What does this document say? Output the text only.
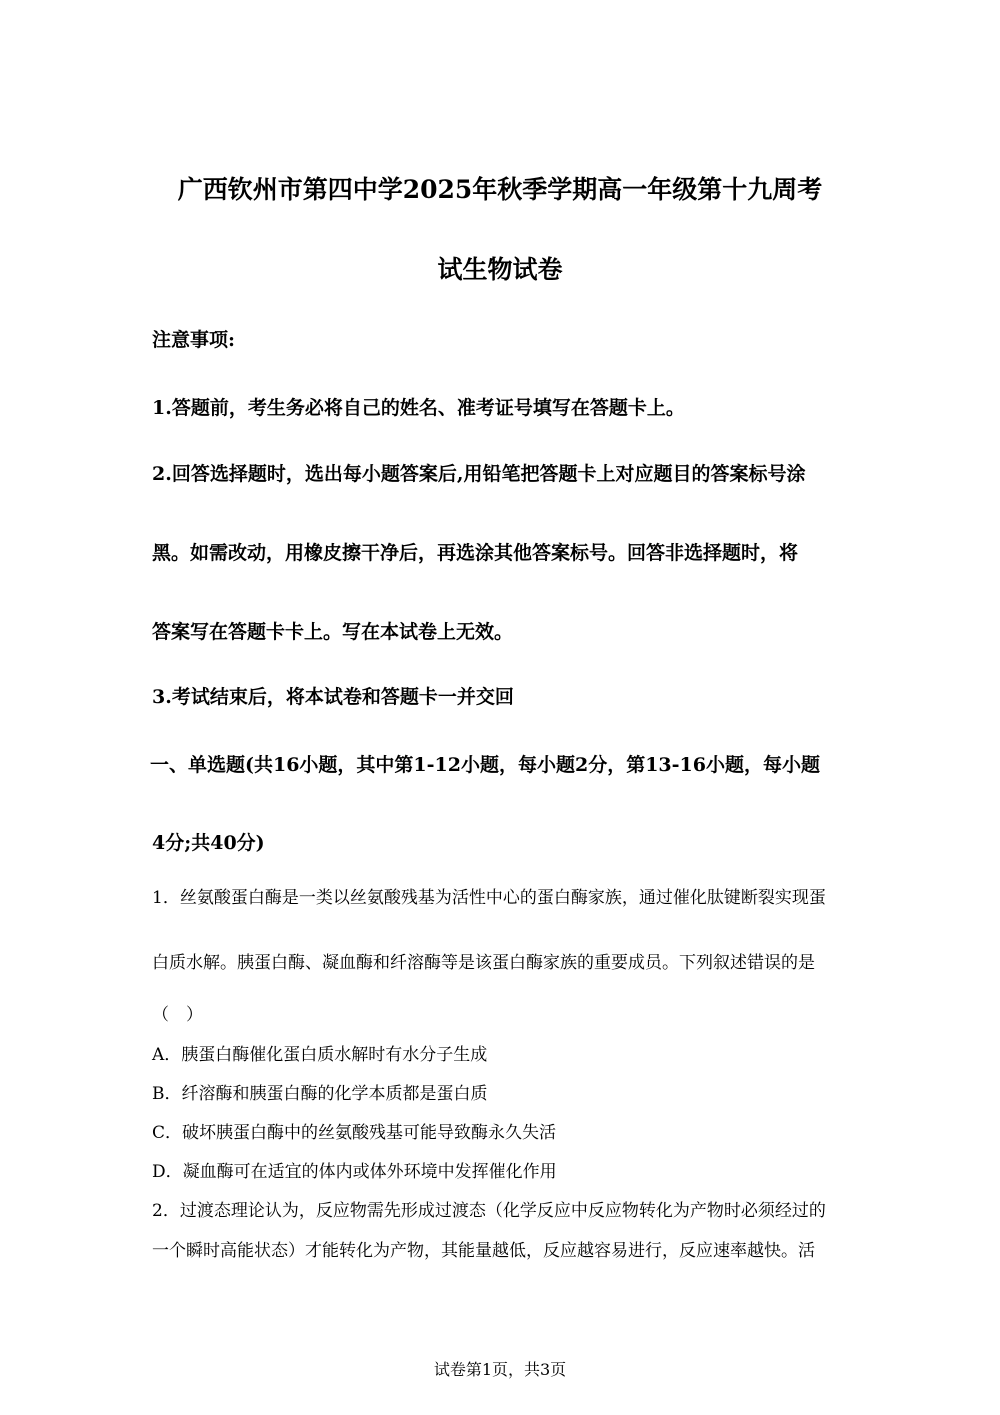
广西钦州市第四中学2025年秋季学期高一年级第十九周考
试生物试卷
注意事项:
1.答题前，考生务必将自己的姓名、准考证号填写在答题卡上。
2.回答选择题时，选出每小题答案后,用铅笔把答题卡上对应题目的答案标号涂
黑。如需改动，用橡皮擦干净后，再选涂其他答案标号。回答非选择题时，将
答案写在答题卡卡上。写在本试卷上无效。
3.考试结束后，将本试卷和答题卡一并交回
一、单选题(共16小题，其中第1-12小题，每小题2分，第13-16小题，每小题
4分;共40分)
1．丝氨酸蛋白酶是一类以丝氨酸残基为活性中心的蛋白酶家族，通过催化肽键断裂实现蛋
白质水解。胰蛋白酶、凝血酶和纤溶酶等是该蛋白酶家族的重要成员。下列叙述错误的是
（　）
A．胰蛋白酶催化蛋白质水解时有水分子生成
B．纤溶酶和胰蛋白酶的化学本质都是蛋白质
C．破坏胰蛋白酶中的丝氨酸残基可能导致酶永久失活
D．凝血酶可在适宜的体内或体外环境中发挥催化作用
2．过渡态理论认为，反应物需先形成过渡态（化学反应中反应物转化为产物时必须经过的
一个瞬时高能状态）才能转化为产物，其能量越低，反应越容易进行，反应速率越快。活
试卷第1页，共3页
